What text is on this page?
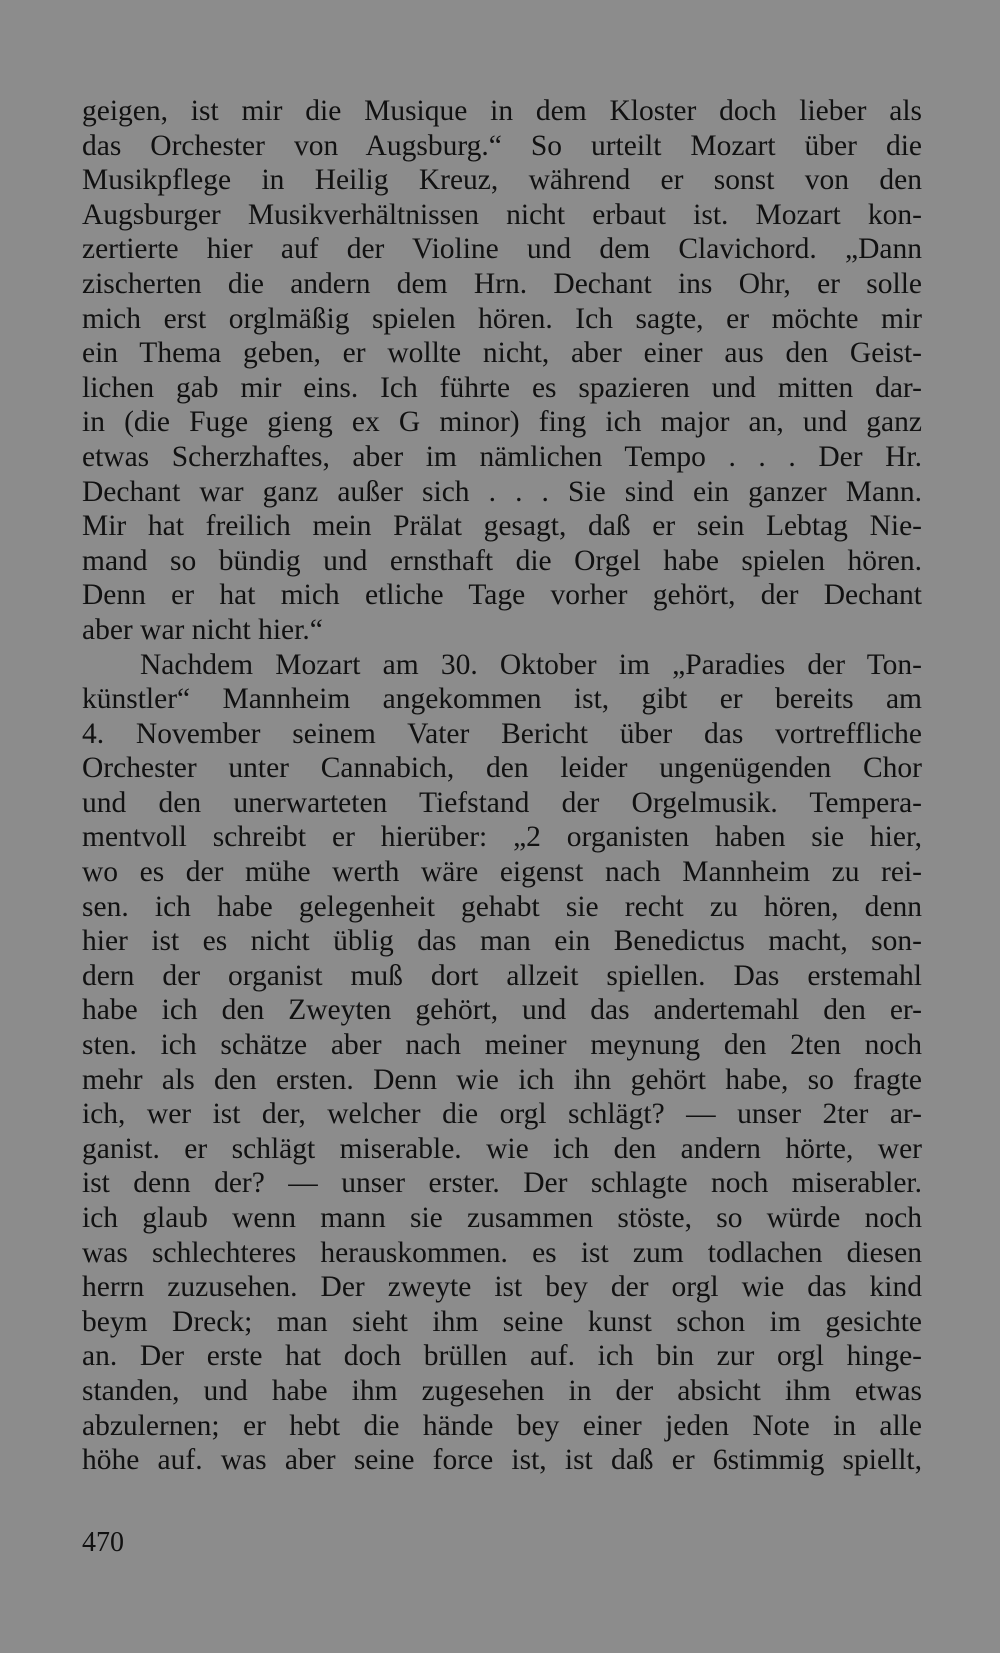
geigen, ist mir die Musique in dem Kloster doch lieber als
das Orchester von Augsburg.“ So urteilt Mozart über die
Musikpflege in Heilig Kreuz, während er sonst von den
Augsburger Musikverhältnissen nicht erbaut ist. Mozart kon-
zertierte hier auf der Violine und dem Clavichord. „Dann
zischerten die andern dem Hrn. Dechant ins Ohr, er solle
mich erst orglmäßig spielen hören. Ich sagte, er möchte mir
ein Thema geben, er wollte nicht, aber einer aus den Geist-
lichen gab mir eins. Ich führte es spazieren und mitten dar-
in (die Fuge gieng ex G minor) fing ich major an, und ganz
etwas Scherzhaftes, aber im nämlichen Tempo . . . Der Hr.
Dechant war ganz außer sich . . . Sie sind ein ganzer Mann.
Mir hat freilich mein Prälat gesagt, daß er sein Lebtag Nie-
mand so bündig und ernsthaft die Orgel habe spielen hören.
Denn er hat mich etliche Tage vorher gehört, der Dechant
aber war nicht hier.“
Nachdem Mozart am 30. Oktober im „Paradies der Ton-
künstler“ Mannheim angekommen ist, gibt er bereits am
4. November seinem Vater Bericht über das vortreffliche
Orchester unter Cannabich, den leider ungenügenden Chor
und den unerwarteten Tiefstand der Orgelmusik. Tempera-
mentvoll schreibt er hierüber: „2 organisten haben sie hier,
wo es der mühe werth wäre eigenst nach Mannheim zu rei-
sen. ich habe gelegenheit gehabt sie recht zu hören, denn
hier ist es nicht üblig das man ein Benedictus macht, son-
dern der organist muß dort allzeit spiellen. Das erstemahl
habe ich den Zweyten gehört, und das andertemahl den er-
sten. ich schätze aber nach meiner meynung den 2ten noch
mehr als den ersten. Denn wie ich ihn gehört habe, so fragte
ich, wer ist der, welcher die orgl schlägt? — unser 2ter ar-
ganist. er schlägt miserable. wie ich den andern hörte, wer
ist denn der? — unser erster. Der schlagte noch miserabler.
ich glaub wenn mann sie zusammen stöste, so würde noch
was schlechteres herauskommen. es ist zum todlachen diesen
herrn zuzusehen. Der zweyte ist bey der orgl wie das kind
beym Dreck; man sieht ihm seine kunst schon im gesichte
an. Der erste hat doch brüllen auf. ich bin zur orgl hinge-
standen, und habe ihm zugesehen in der absicht ihm etwas
abzulernen; er hebt die hände bey einer jeden Note in alle
höhe auf. was aber seine force ist, ist daß er 6stimmig spiellt,
470
